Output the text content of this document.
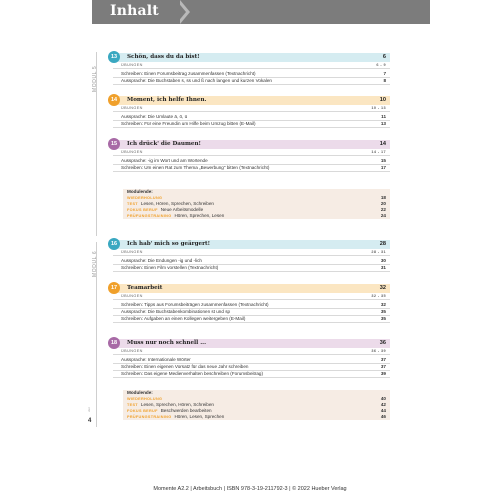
Inhalt
MODUL 5
MODUL 6
vier
4
13	Schön, dass du da bist!	6
ÜBUNGEN	6 - 9
Schreiben: Einen Forumsbeitrag zusammenfassen (Textnachricht)	7
Aussprache: Die Buchstaben s, ss und ß nach langen und kurzen Vokalen	8
14	Moment, ich helfe Ihnen.	10
ÜBUNGEN	10 - 13
Aussprache: Die Umlaute ä, ö, ü	11
Schreiben: Für eine Freundin um Hilfe beim Umzug bitten (E-Mail)	13
15	Ich drück' die Daumen!	14
ÜBUNGEN	14 - 17
Aussprache: -ig im Wort und am Wortende	15
Schreiben: Um einen Rat zum Thema „Bewerbung" bitten (Textnachricht)	17
16	Ich hab' mich so geärgert!	28
ÜBUNGEN	28 - 31
Aussprache: Die Endungen -ig und -lich	30
Schreiben: Einen Film vorstellen (Textnachricht)	31
17	Teamarbeit	32
ÜBUNGEN	32 - 35
Schreiben: Tipps aus Forumsbeiträgen zusammenfassen (Textnachricht)	32
Aussprache: Die Buchstabenkombinationen st und sp	35
Schreiben: Aufgaben an einen Kollegen weitergeben (E-Mail)	35
18	Muss nur noch schnell ...	36
ÜBUNGEN	36 - 39
Aussprache: Internationale Wörter	37
Schreiben: Einen eigenen Vorsatz für das neue Jahr schreiben	37
Schreiben: Das eigene Medienverhalten beschreiben (Forumsbeitrag)	39
Modulende:
WIEDERHOLUNG	18
TEST Lesen, Hören, Sprechen, Schreiben	20
FOKUS BERUF Neue Arbeitsmodelle	22
PRÜFUNGSTRAINING Hören, Sprechen, Lesen	24
Modulende:
WIEDERHOLUNG	40
TEST Lesen, Sprechen, Hören, Schreiben	42
FOKUS BERUF Beschwerden bearbeiten	44
PRÜFUNGSTRAINING Hören, Lesen, Sprechen	46
Momente A2.2 | Arbeitsbuch | ISBN 978-3-19-211792-3 | © 2022 Hueber Verlag
